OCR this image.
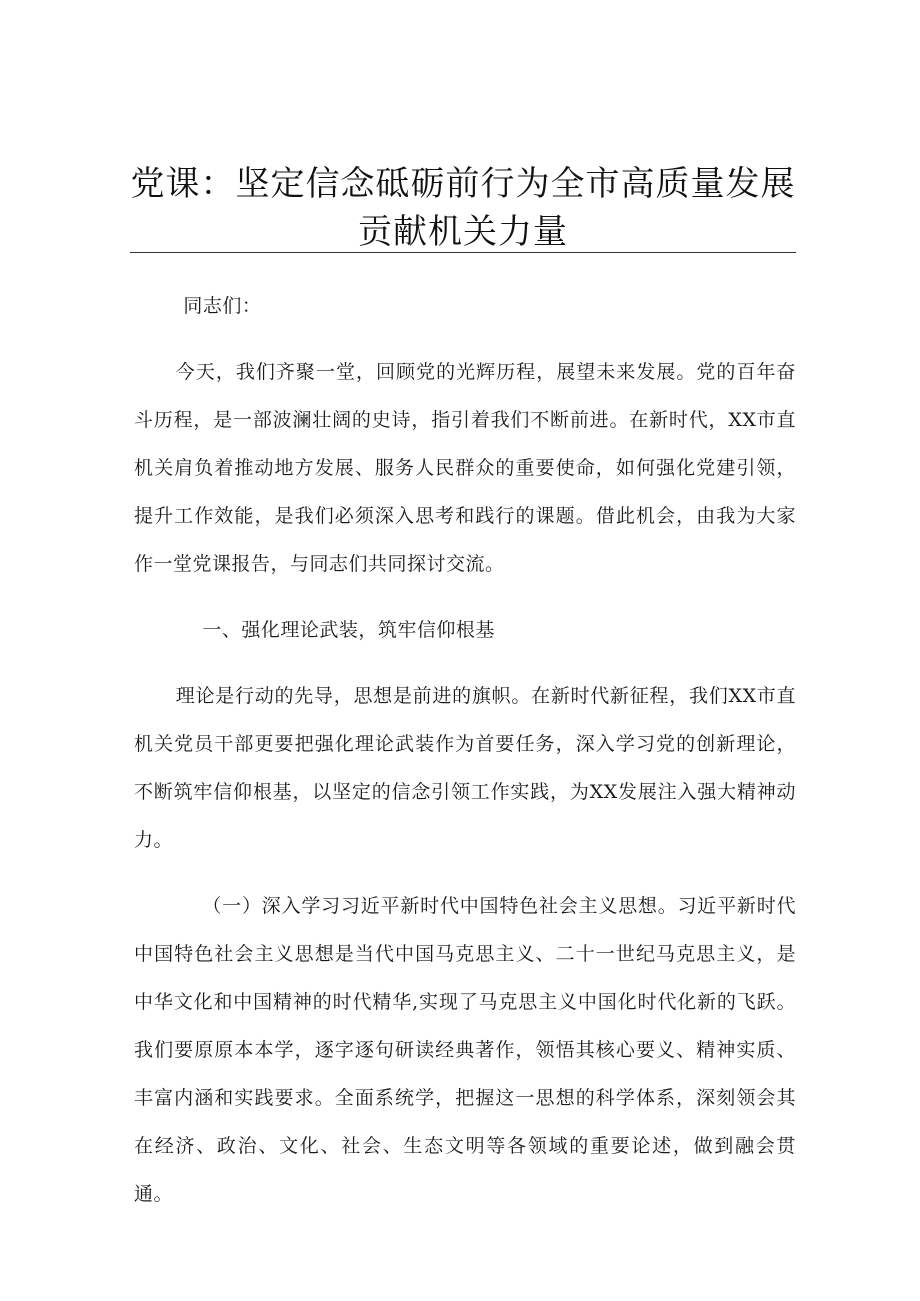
党课：坚定信念砥砺前行为全市高质量发展
贡献机关力量

同志们：

今天，我们齐聚一堂，回顾党的光辉历程，展望未来发展。党的百年奋斗历程，是一部波澜壮阔的史诗，指引着我们不断前进。在新时代，XX市直机关肩负着推动地方发展、服务人民群众的重要使命，如何强化党建引领，提升工作效能，是我们必须深入思考和践行的课题。借此机会，由我为大家作一堂党课报告，与同志们共同探讨交流。

一、强化理论武装，筑牢信仰根基

理论是行动的先导，思想是前进的旗帜。在新时代新征程，我们XX市直机关党员干部更要把强化理论武装作为首要任务，深入学习党的创新理论，不断筑牢信仰根基，以坚定的信念引领工作实践，为XX发展注入强大精神动力。

（一）深入学习习近平新时代中国特色社会主义思想。习近平新时代中国特色社会主义思想是当代中国马克思主义、二十一世纪马克思主义，是中华文化和中国精神的时代精华,实现了马克思主义中国化时代化新的飞跃。我们要原原本本学，逐字逐句研读经典著作，领悟其核心要义、精神实质、丰富内涵和实践要求。全面系统学，把握这一思想的科学体系，深刻领会其在经济、政治、文化、社会、生态文明等各领域的重要论述，做到融会贯通。
